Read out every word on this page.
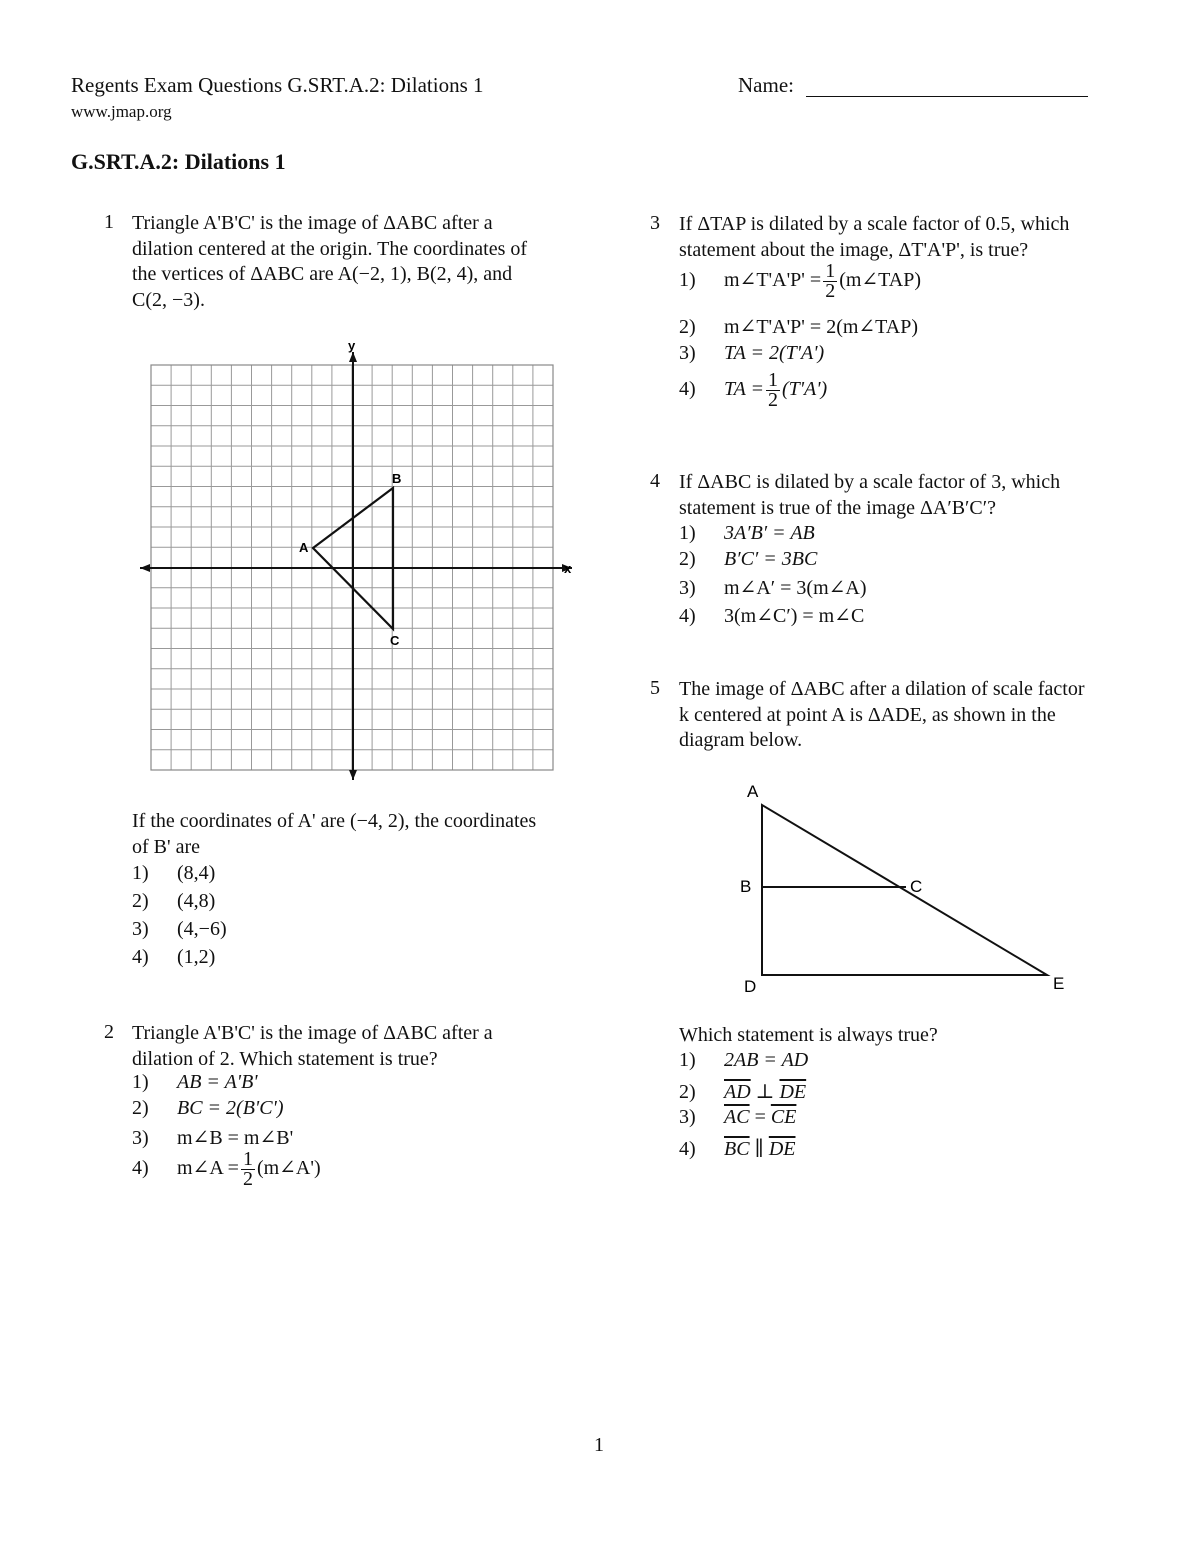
Regents Exam Questions G.SRT.A.2: Dilations 1
www.jmap.org
Name:
G.SRT.A.2: Dilations 1
1 Triangle A'B'C' is the image of ΔABC after a
dilation centered at the origin. The coordinates of
the vertices of ΔABC are A(−2, 1), B(2, 4), and
C(2, −3).
x
y
A
B
C
If the coordinates of A' are (−4, 2), the coordinates
of B' are
1) (8,4)
2) (4,8)
3) (4,−6)
4) (1,2)
2 Triangle A'B'C' is the image of ΔABC after a
dilation of 2. Which statement is true?
1) AB = A'B'
2) BC = 2(B'C')
3) m∠B = m∠B'
4) m∠A = $\frac{1}{2}$ (m∠A')
3 If ΔTAP is dilated by a scale factor of 0.5, which
statement about the image, ΔT'A'P', is true?
1) m∠T'A'P' = $\frac{1}{2}$ (m∠TAP)
2) m∠T'A'P' = 2(m∠TAP)
3) TA = 2(T'A')
4) TA = $\frac{1}{2} (T'A')$
4 If ΔABC is dilated by a scale factor of 3, which
statement is true of the image ΔA′B′C′?
1) 3A′B′ = AB
2) B′C′ = 3BC
3) m∠A′ = 3(m∠A)
4) 3(m∠C′) = m∠C
5 The image of ΔABC after a dilation of scale factor
k centered at point A is ΔADE, as shown in the
diagram below.
A
B	C
D	E
Which statement is always true?
1) 2AB = AD
2) $\overline{AD}$ ⊥ $\overline{DE}$
3) $\overline{AC} = \overline{CE}$
4) $\overline{BC}$ ∥ $\overline{DE}$
1
